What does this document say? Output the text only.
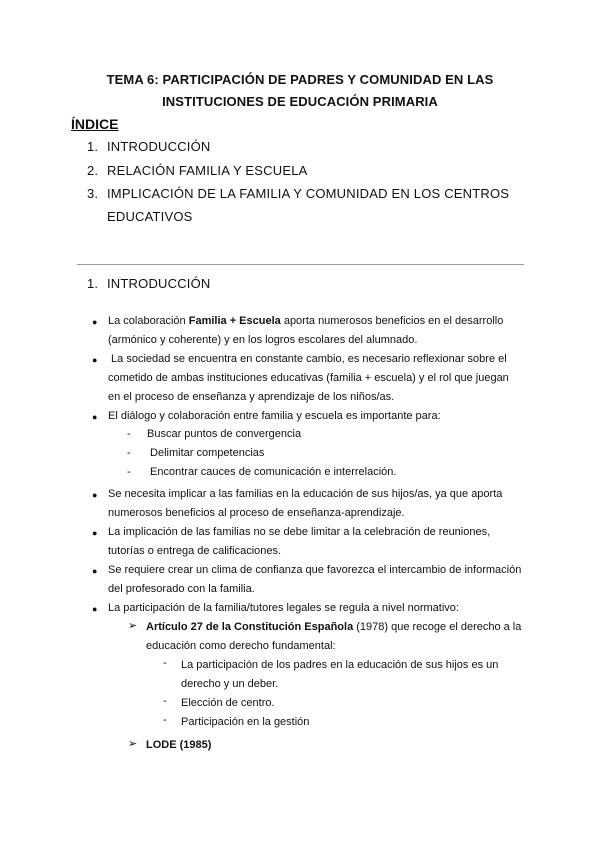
TEMA 6: PARTICIPACIÓN DE PADRES Y COMUNIDAD EN LAS
INSTITUCIONES DE EDUCACIÓN PRIMARIA
ÍNDICE
1. INTRODUCCIÓN
2. RELACIÓN FAMILIA Y ESCUELA
3. IMPLICACIÓN DE LA FAMILIA Y COMUNIDAD EN LOS CENTROS
EDUCATIVOS
1. INTRODUCCIÓN
● La colaboración Familia + Escuela aporta numerosos beneficios en el desarrollo
(armónico y coherente) y en los logros escolares del alumnado.
● La sociedad se encuentra en constante cambio, es necesario reflexionar sobre el
cometido de ambas instituciones educativas (familia + escuela) y el rol que juegan
en el proceso de enseñanza y aprendizaje de los niños/as.
● El diálogo y colaboración entre familia y escuela es importante para:
- Buscar puntos de convergencia
- Delimitar competencias
- Encontrar cauces de comunicación e interrelación.
● Se necesita implicar a las familias en la educación de sus hijos/as, ya que aporta
numerosos beneficios al proceso de enseñanza-aprendizaje.
● La implicación de las familias no se debe limitar a la celebración de reuniones,
tutorías o entrega de calificaciones.
● Se requiere crear un clima de confianza que favorezca el intercambio de información
del profesorado con la familia.
● La participación de la familia/tutores legales se regula a nivel normativo:
➢ Artículo 27 de la Constitución Española (1978) que recoge el derecho a la
educación como derecho fundamental:
- La participación de los padres en la educación de sus hijos es un
derecho y un deber.
- Elección de centro.
- Participación en la gestión
➢ LODE (1985)
